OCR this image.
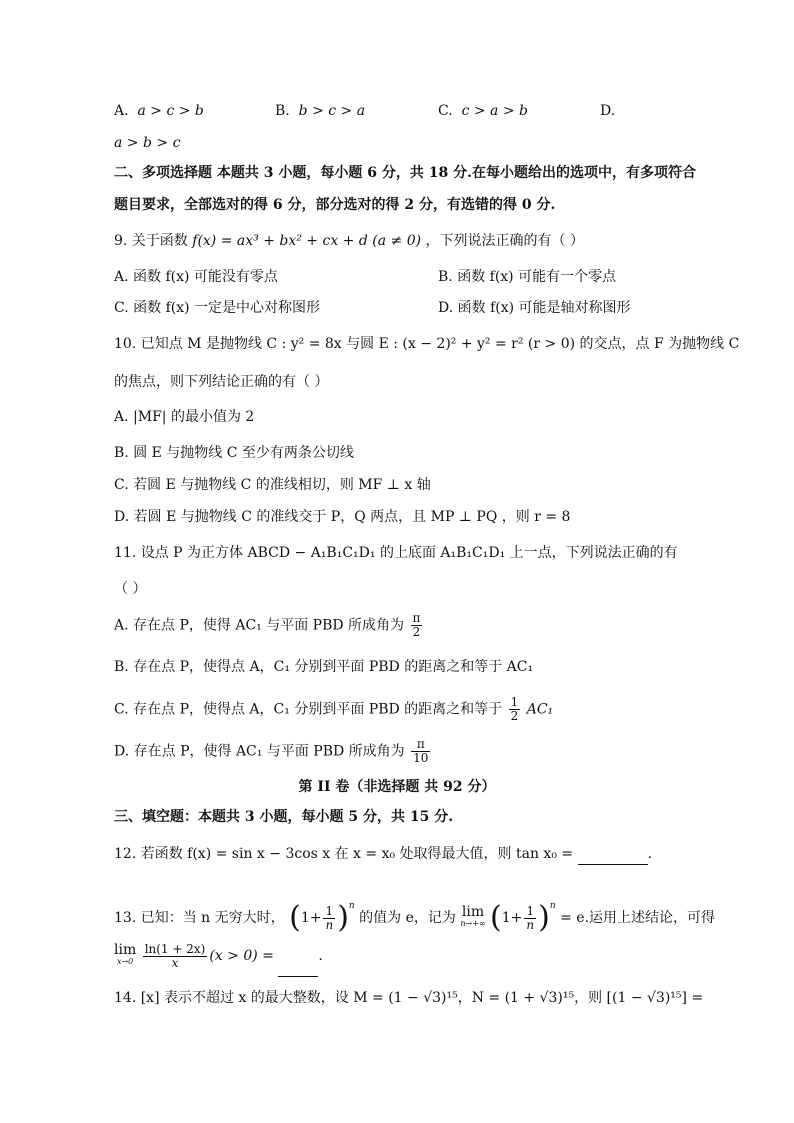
A. a > c > b	B. b > c > a	C. c > a > b	D.
a > b > c
二、多项选择题 本题共 3 小题，每小题 6 分，共 18 分.在每小题给出的选项中，有多项符合
题目要求，全部选对的得 6 分，部分选对的得 2 分，有选错的得 0 分.
9. 关于函数 f(x) = ax³ + bx² + cx + d (a ≠ 0) ，下列说法正确的有（ ）
A. 函数 f(x) 可能没有零点	B. 函数 f(x) 可能有一个零点
C. 函数 f(x) 一定是中心对称图形	D. 函数 f(x) 可能是轴对称图形
10. 已知点 M 是抛物线 C : y² = 8x 与圆 E : (x − 2)² + y² = r² (r > 0) 的交点，点 F 为抛物线 C
的焦点，则下列结论正确的有（ ）
A. |MF| 的最小值为 2
B. 圆 E 与抛物线 C 至少有两条公切线
C. 若圆 E 与抛物线 C 的准线相切，则 MF ⊥ x 轴
D. 若圆 E 与抛物线 C 的准线交于 P，Q 两点，且 MP ⊥ PQ ，则 r = 8
11. 设点 P 为正方体 ABCD − A₁B₁C₁D₁ 的上底面 A₁B₁C₁D₁ 上一点，下列说法正确的有
（ ）
A. 存在点 P，使得 AC₁ 与平面 PBD 所成角为 $\frac{\pi}{2}$
B. 存在点 P，使得点 A，C₁ 分别到平面 PBD 的距离之和等于 AC₁
C. 存在点 P，使得点 A，C₁ 分别到平面 PBD 的距离之和等于 $\frac{1}{2} AC_1$
D. 存在点 P，使得 AC₁ 与平面 PBD 所成角为 $\frac{\pi}{10}$
第 II 卷（非选择题 共 92 分）
三、填空题：本题共 3 小题，每小题 5 分，共 15 分.
12. 若函数 f(x) = sin x − 3cos x 在 x = x₀ 处取得最大值，则 tan x₀ =	.
13. 已知：当 n 无穷大时， $(1+ \frac{1}{n} )^n$ 的值为 e，记为 lim
n→+∞ $(1+ \frac{1}{n} )^n = e$.运用上述结论，可得
lim
x→0
$\frac{\ln(1 + 2x)}{x} (x > 0)$ =	.
14. [x] 表示不超过 x 的最大整数，设 M = (1 − √3)¹⁵，N = (1 + √3)¹⁵，则 [(1 − √3)¹⁵] =
